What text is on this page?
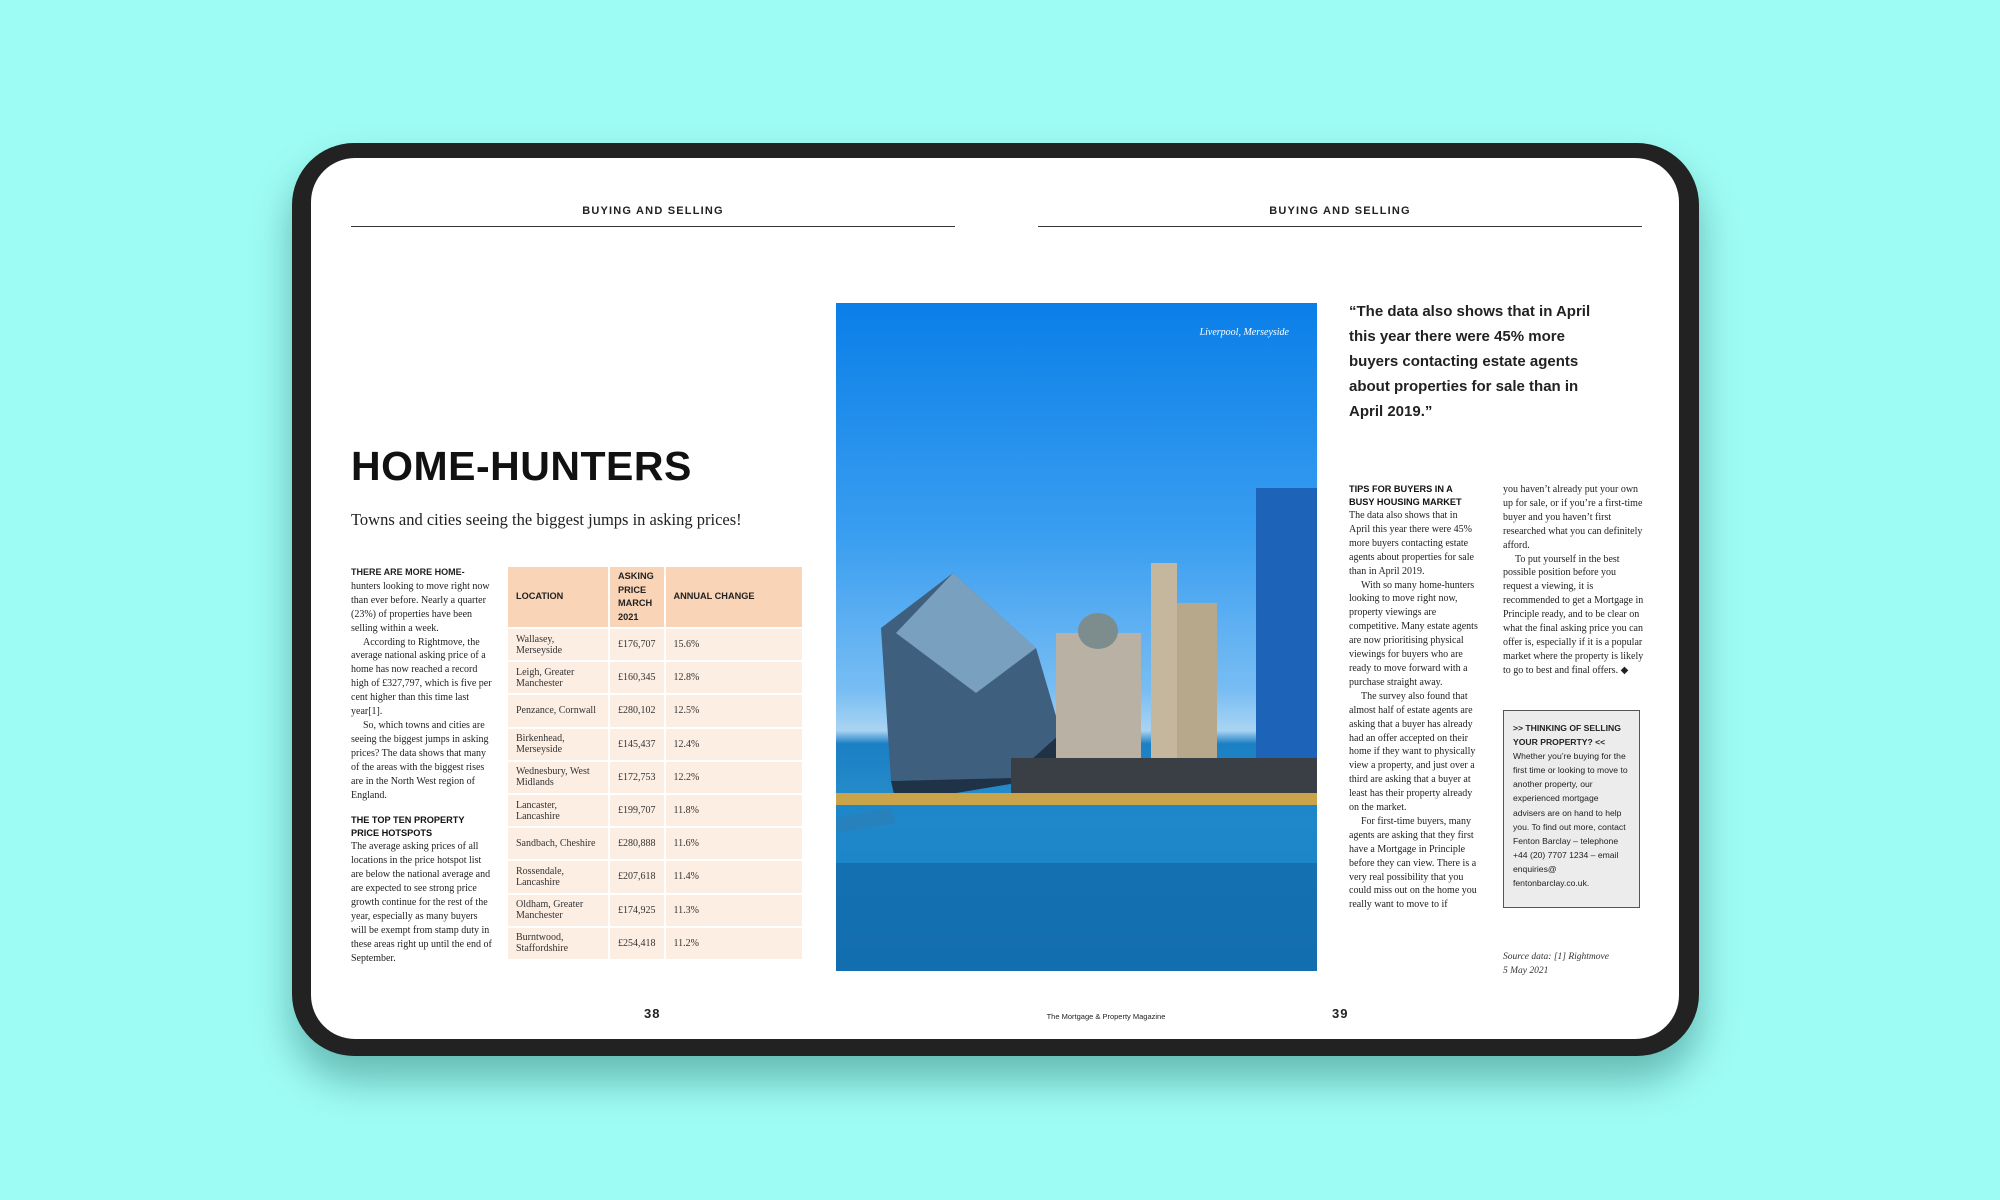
BUYING AND SELLING	BUYING AND SELLING
HOME-HUNTERS

Towns and cities seeing the biggest jumps in asking prices!

THERE ARE MORE HOME-hunters looking to move right now than ever before. Nearly a quarter (23%) of properties have been selling within a week.

According to Rightmove, the average national asking price of a home has now reached a record high of £327,797, which is five per cent higher than this time last year[1].

So, which towns and cities are seeing the biggest jumps in asking prices? The data shows that many of the areas with the biggest rises are in the North West region of England.

THE TOP TEN PROPERTY PRICE HOTSPOTS

The average asking prices of all locations in the price hotspot list are below the national average and are expected to see strong price growth continue for the rest of the year, especially as many buyers will be exempt from stamp duty in these areas right up until the end of September.

LOCATION	ASKING PRICE MARCH 2021	ANNUAL CHANGE
Wallasey, Merseyside	£176,707	15.6%
Leigh, Greater Manchester	£160,345	12.8%
Penzance, Cornwall	£280,102	12.5%
Birkenhead, Merseyside	£145,437	12.4%
Wednesbury, West Midlands	£172,753	12.2%
Lancaster, Lancashire	£199,707	11.8%
Sandbach, Cheshire	£280,888	11.6%
Rossendale, Lancashire	£207,618	11.4%
Oldham, Greater Manchester	£174,925	11.3%
Burntwood, Staffordshire	£254,418	11.2%
38
Liverpool, Merseyside

“The data also shows that in April this year there were 45% more buyers contacting estate agents about properties for sale than in April 2019.”

TIPS FOR BUYERS IN A BUSY HOUSING MARKET

The data also shows that in April this year there were 45% more buyers contacting estate agents about properties for sale than in April 2019.

With so many home-hunters looking to move right now, property viewings are competitive. Many estate agents are now prioritising physical viewings for buyers who are ready to move forward with a purchase straight away.

The survey also found that almost half of estate agents are asking that a buyer has already had an offer accepted on their home if they want to physically view a property, and just over a third are asking that a buyer at least has their property already on the market.

For first-time buyers, many agents are asking that they first have a Mortgage in Principle before they can view. There is a very real possibility that you could miss out on the home you really want to move to if

you haven’t already put your own up for sale, or if you’re a first-time buyer and you haven’t first researched what you can definitely afford.

To put yourself in the best possible position before you request a viewing, it is recommended to get a Mortgage in Principle ready, and to be clear on what the final asking price you can offer is, especially if it is a popular market where the property is likely to go to best and final offers. ◆

>> THINKING OF SELLING YOUR PROPERTY? <<

Whether you’re buying for the first time or looking to move to another property, our experienced mortgage advisers are on hand to help you. To find out more, contact Fenton Barclay – telephone +44 (20) 7707 1234 – email enquiries@ fentonbarclay.co.uk.

Source data: [1] Rightmove
5 May 2021
The Mortgage & Property Magazine	39
